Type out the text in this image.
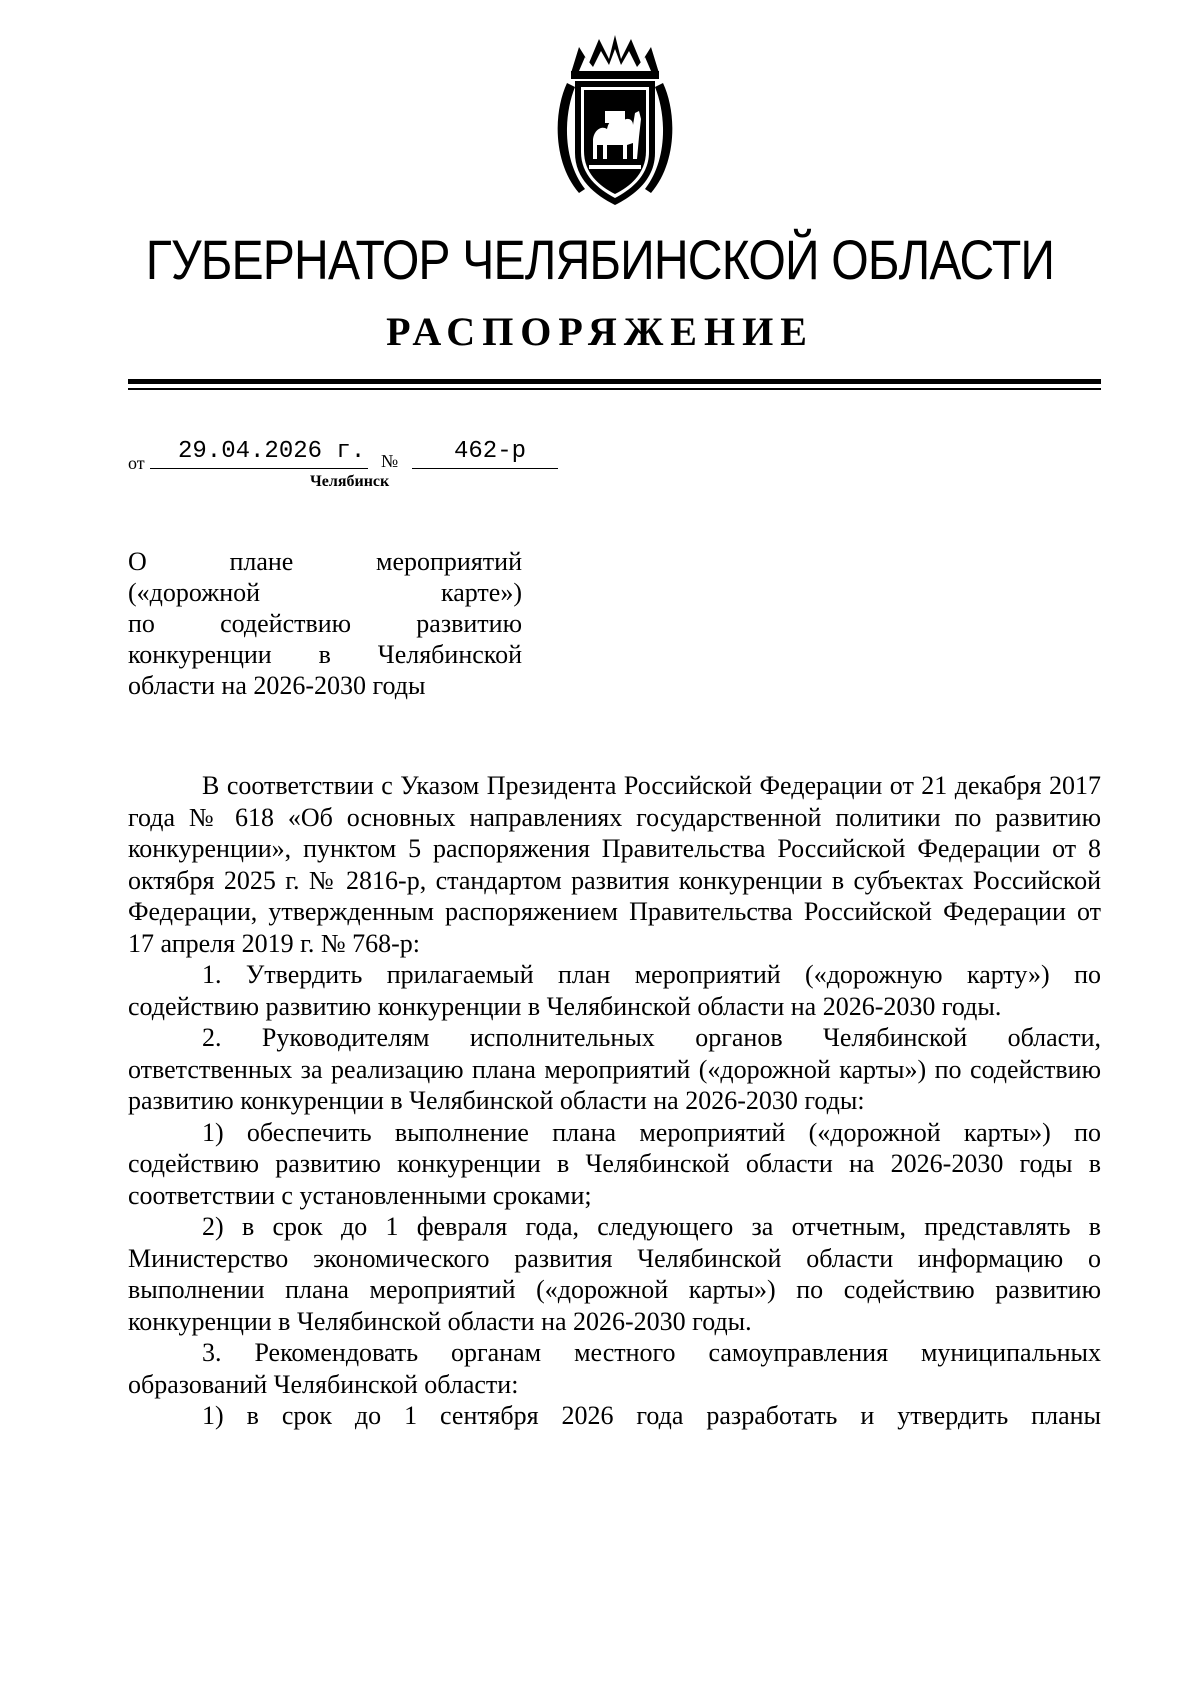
ГУБЕРНАТОР ЧЕЛЯБИНСКОЙ ОБЛАСТИ
РАСПОРЯЖЕНИЕ
от 29.04.2026 г. № 462-р
Челябинск
О плане мероприятий
(«дорожной карте»)
по содействию развитию
конкуренции в Челябинской
области на 2026-2030 годы

В соответствии с Указом Президента Российской Федерации от 21 декабря 2017 года № 618 «Об основных направлениях государственной политики по развитию конкуренции», пунктом 5 распоряжения Правительства Российской Федерации от 8 октября 2025 г. № 2816-р, стандартом развития конкуренции в субъектах Российской Федерации, утвержденным распоряжением Правительства Российской Федерации от 17 апреля 2019 г. № 768-р:

1. Утвердить прилагаемый план мероприятий («дорожную карту») по содействию развитию конкуренции в Челябинской области на 2026-2030 годы.

2. Руководителям исполнительных органов Челябинской области, ответственных за реализацию плана мероприятий («дорожной карты») по содействию развитию конкуренции в Челябинской области на 2026-2030 годы:

1) обеспечить выполнение плана мероприятий («дорожной карты») по содействию развитию конкуренции в Челябинской области на 2026-2030 годы в соответствии с установленными сроками;

2) в срок до 1 февраля года, следующего за отчетным, представлять в Министерство экономического развития Челябинской области информацию о выполнении плана мероприятий («дорожной карты») по содействию развитию конкуренции в Челябинской области на 2026-2030 годы.

3. Рекомендовать органам местного самоуправления муниципальных образований Челябинской области:

1) в срок до 1 сентября 2026 года разработать и утвердить планы
